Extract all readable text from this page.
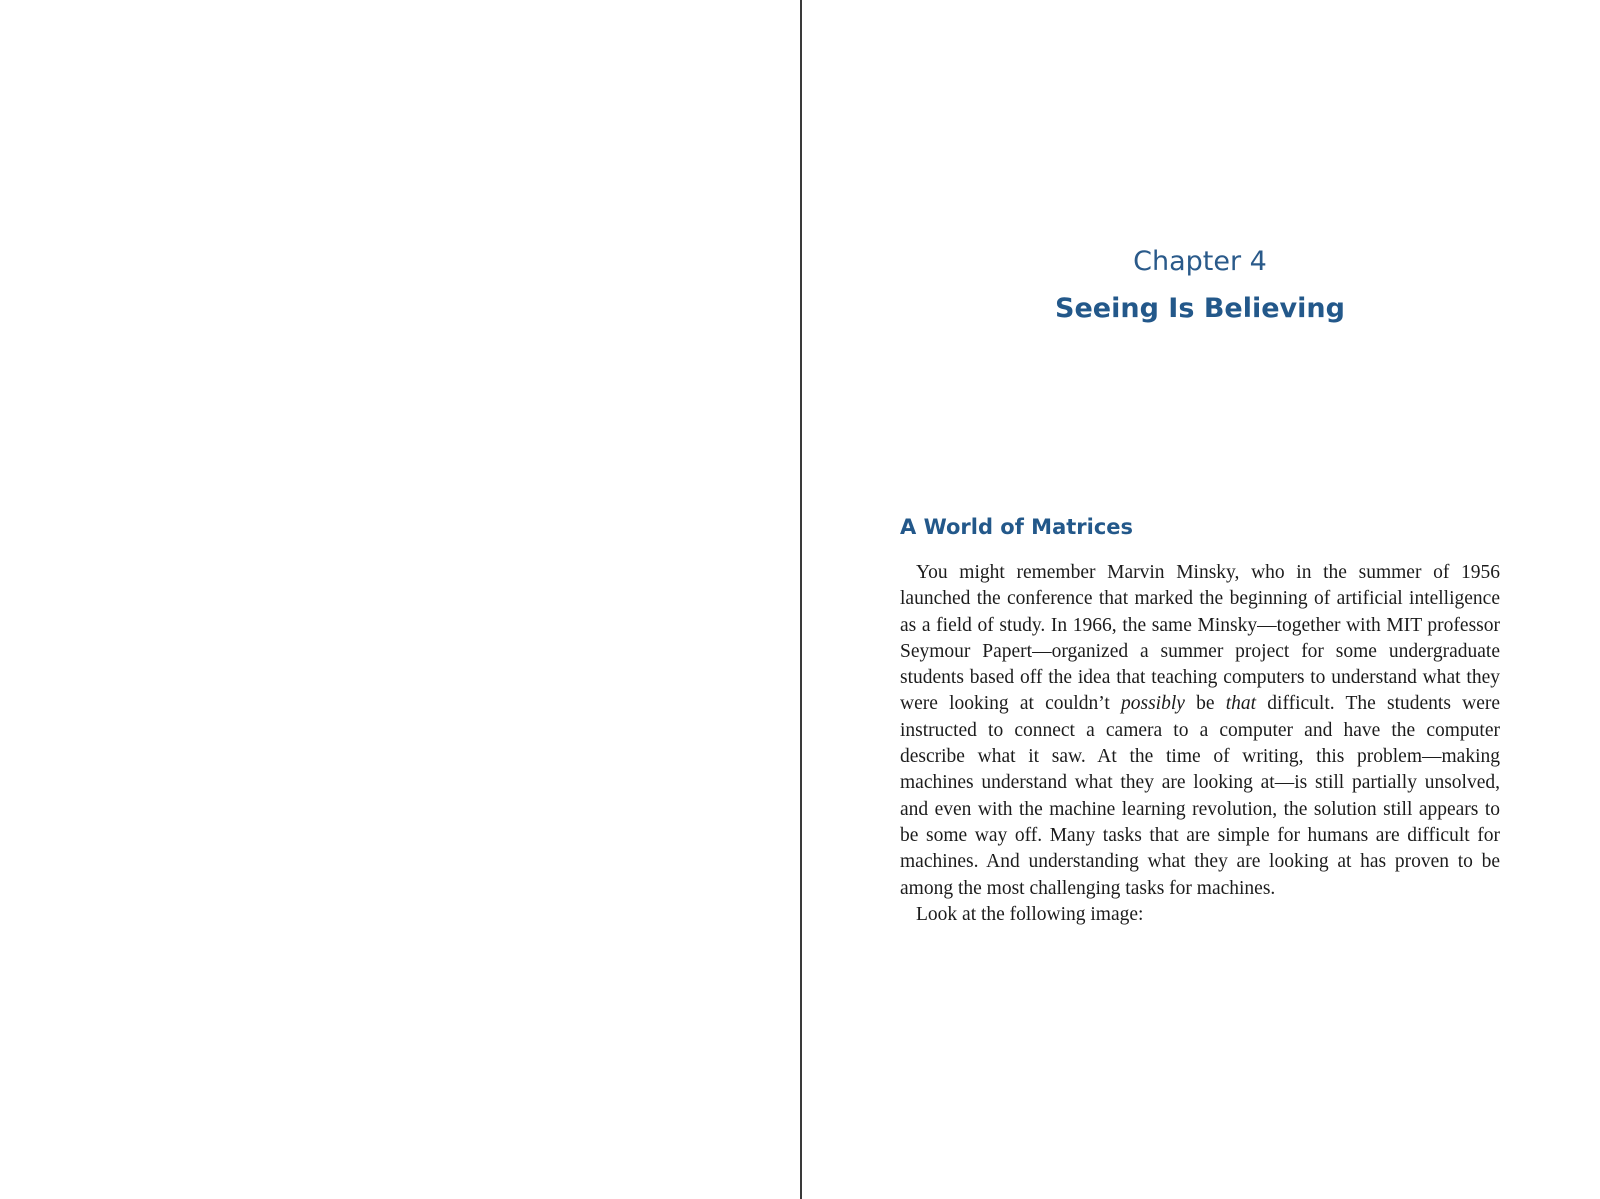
Chapter 4
Seeing Is Believing
A World of Matrices

You might remember Marvin Minsky, who in the summer of 1956 launched the conference that marked the beginning of artificial intelligence as a field of study. In 1966, the same Minsky—together with MIT professor Seymour Papert—organized a summer project for some undergraduate students based off the idea that teaching computers to understand what they were looking at couldn’t possibly be that difficult. The students were instructed to connect a camera to a computer and have the computer describe what it saw. At the time of writing, this problem—making machines understand what they are looking at—is still partially unsolved, and even with the machine learning revolution, the solution still appears to be some way off. Many tasks that are simple for humans are difficult for machines. And understanding what they are looking at has proven to be among the most challenging tasks for machines.

Look at the following image:
